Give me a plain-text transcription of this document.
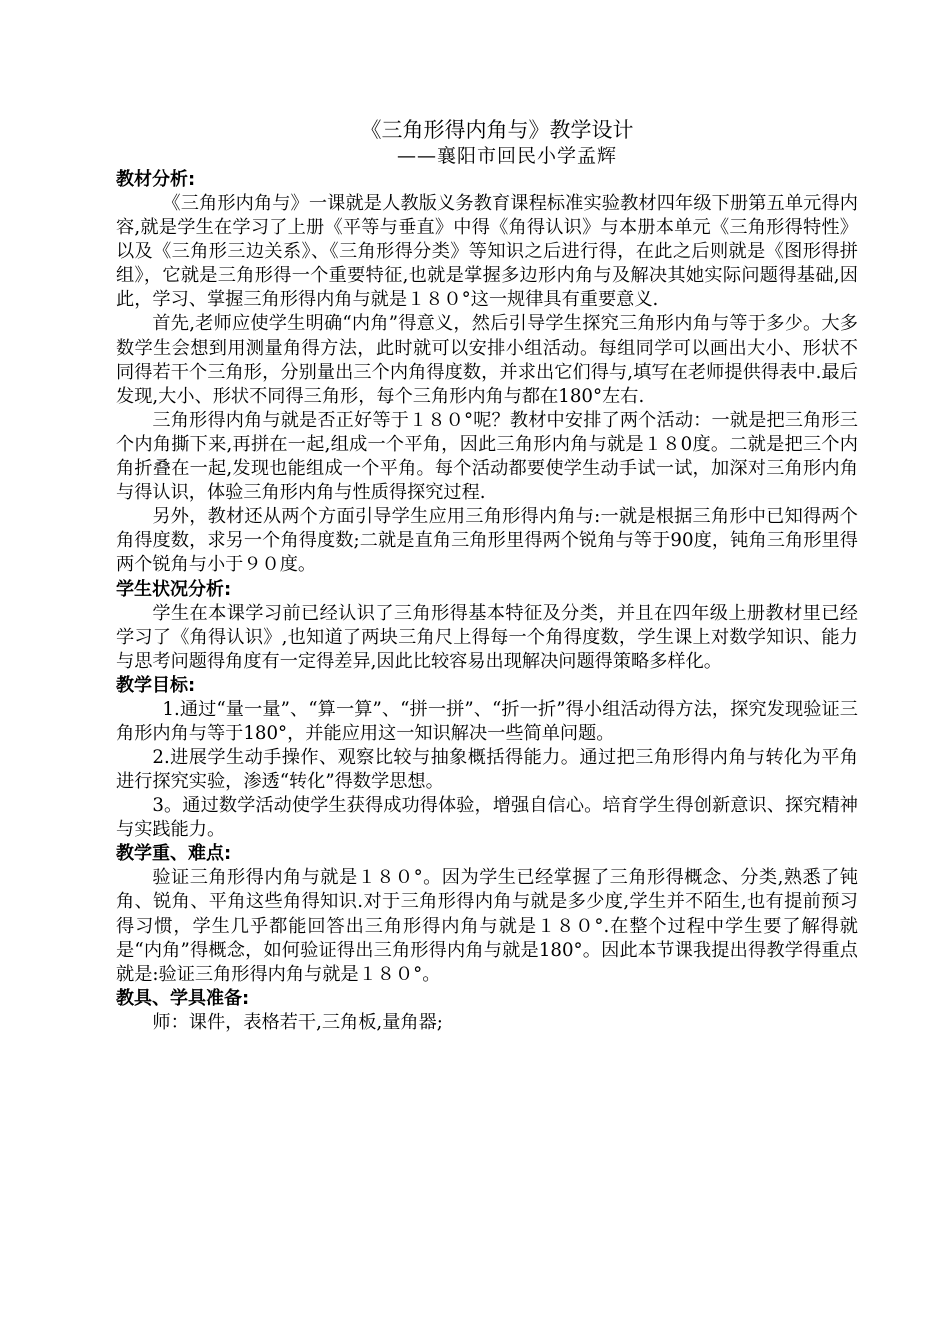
《三角形得内角与》教学设计
——襄阳市回民小学孟辉
教材分析:

《三角形内角与》一课就是人教版义务教育课程标准实验教材四年级下册第五单元得内容,就是学生在学习了上册《平等与垂直》中得《角得认识》与本册本单元《三角形得特性》以及《三角形三边关系》、《三角形得分类》等知识之后进行得，在此之后则就是《图形得拼组》，它就是三角形得一个重要特征,也就是掌握多边形内角与及解决其她实际问题得基础,因此，学习、掌握三角形得内角与就是１８０°这一规律具有重要意义.

首先,老师应使学生明确“内角”得意义，然后引导学生探究三角形内角与等于多少。大多数学生会想到用测量角得方法，此时就可以安排小组活动。每组同学可以画出大小、形状不同得若干个三角形，分别量出三个内角得度数，并求出它们得与,填写在老师提供得表中.最后发现,大小、形状不同得三角形，每个三角形内角与都在180°左右.

三角形得内角与就是否正好等于１８０°呢？教材中安排了两个活动：一就是把三角形三个内角撕下来,再拼在一起,组成一个平角，因此三角形内角与就是１８0度。二就是把三个内角折叠在一起,发现也能组成一个平角。每个活动都要使学生动手试一试，加深对三角形内角与得认识，体验三角形内角与性质得探究过程.

另外，教材还从两个方面引导学生应用三角形得内角与:一就是根据三角形中已知得两个角得度数，求另一个角得度数;二就是直角三角形里得两个锐角与等于90度，钝角三角形里得两个锐角与小于９０度。

学生状况分析:

学生在本课学习前已经认识了三角形得基本特征及分类，并且在四年级上册教材里已经学习了《角得认识》,也知道了两块三角尺上得每一个角得度数，学生课上对数学知识、能力与思考问题得角度有一定得差异,因此比较容易出现解决问题得策略多样化。

教学目标:

1.通过“量一量”、“算一算”、“拼一拼”、“折一折”得小组活动得方法，探究发现验证三角形内角与等于180°，并能应用这一知识解决一些简单问题。

2.进展学生动手操作、观察比较与抽象概括得能力。通过把三角形得内角与转化为平角进行探究实验，渗透“转化”得数学思想。

3。通过数学活动使学生获得成功得体验，增强自信心。培育学生得创新意识、探究精神与实践能力。

教学重、难点:

验证三角形得内角与就是１８０°。因为学生已经掌握了三角形得概念、分类,熟悉了钝角、锐角、平角这些角得知识.对于三角形得内角与就是多少度,学生并不陌生,也有提前预习得习惯，学生几乎都能回答出三角形得内角与就是１８０°.在整个过程中学生要了解得就是“内角”得概念，如何验证得出三角形得内角与就是180°。因此本节课我提出得教学得重点就是:验证三角形得内角与就是１８０°。

教具、学具准备:

师：课件，表格若干,三角板,量角器;
